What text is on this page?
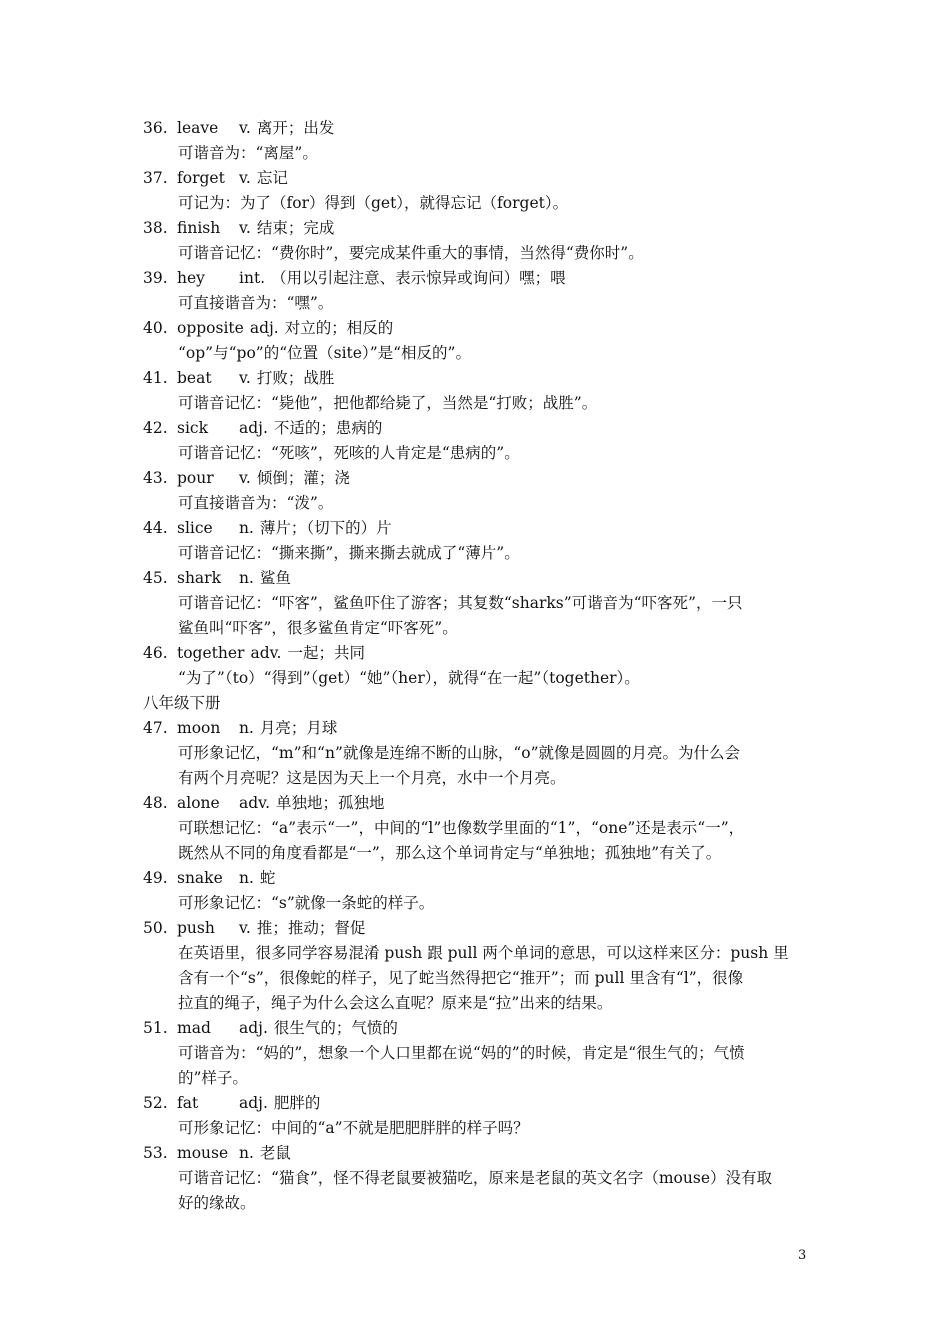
36. leave v. 离开；出发
可谐音为：“离屋”。
37. forget v. 忘记
可记为：为了（for）得到（get），就得忘记（forget）。
38. finish v. 结束；完成
可谐音记忆：“费你时”，要完成某件重大的事情，当然得“费你时”。
39. hey int. （用以引起注意、表示惊异或询问）嘿；喂
可直接谐音为：“嘿”。
40. opposite adj. 对立的；相反的
“op”与“po”的“位置（site）”是“相反的”。
41. beat v. 打败；战胜
可谐音记忆：“毙他”，把他都给毙了，当然是“打败；战胜”。
42. sick adj. 不适的；患病的
可谐音记忆：“死咳”，死咳的人肯定是“患病的”。
43. pour v. 倾倒；灌；浇
可直接谐音为：“泼”。
44. slice n. 薄片；（切下的）片
可谐音记忆：“撕来撕”，撕来撕去就成了“薄片”。
45. shark n. 鲨鱼
可谐音记忆：“吓客”，鲨鱼吓住了游客；其复数“sharks”可谐音为“吓客死”，一只
鲨鱼叫“吓客”，很多鲨鱼肯定“吓客死”。
46. together adv. 一起；共同
“为了”（to）“得到”（get）“她”（her），就得“在一起”（together）。
八年级下册
47. moon n. 月亮；月球
可形象记忆，“m”和“n”就像是连绵不断的山脉，“o”就像是圆圆的月亮。为什么会
有两个月亮呢？这是因为天上一个月亮，水中一个月亮。
48. alone adv. 单独地；孤独地
可联想记忆：“a”表示“一”，中间的“l”也像数学里面的“1”，“one”还是表示“一”，
既然从不同的角度看都是“一”，那么这个单词肯定与“单独地；孤独地”有关了。
49. snake n. 蛇
可形象记忆：“s”就像一条蛇的样子。
50. push v. 推；推动；督促
在英语里，很多同学容易混淆 push 跟 pull 两个单词的意思，可以这样来区分：push 里
含有一个“s”，很像蛇的样子，见了蛇当然得把它“推开”；而 pull 里含有“l”，很像
拉直的绳子，绳子为什么会这么直呢？原来是“拉”出来的结果。
51. mad adj. 很生气的；气愤的
可谐音为：“妈的”，想象一个人口里都在说“妈的”的时候，肯定是“很生气的；气愤
的”样子。
52. fat	adj. 肥胖的
可形象记忆：中间的“a”不就是肥肥胖胖的样子吗？
53. mouse n. 老鼠
可谐音记忆：“猫食”，怪不得老鼠要被猫吃，原来是老鼠的英文名字（mouse）没有取
好的缘故。
3
